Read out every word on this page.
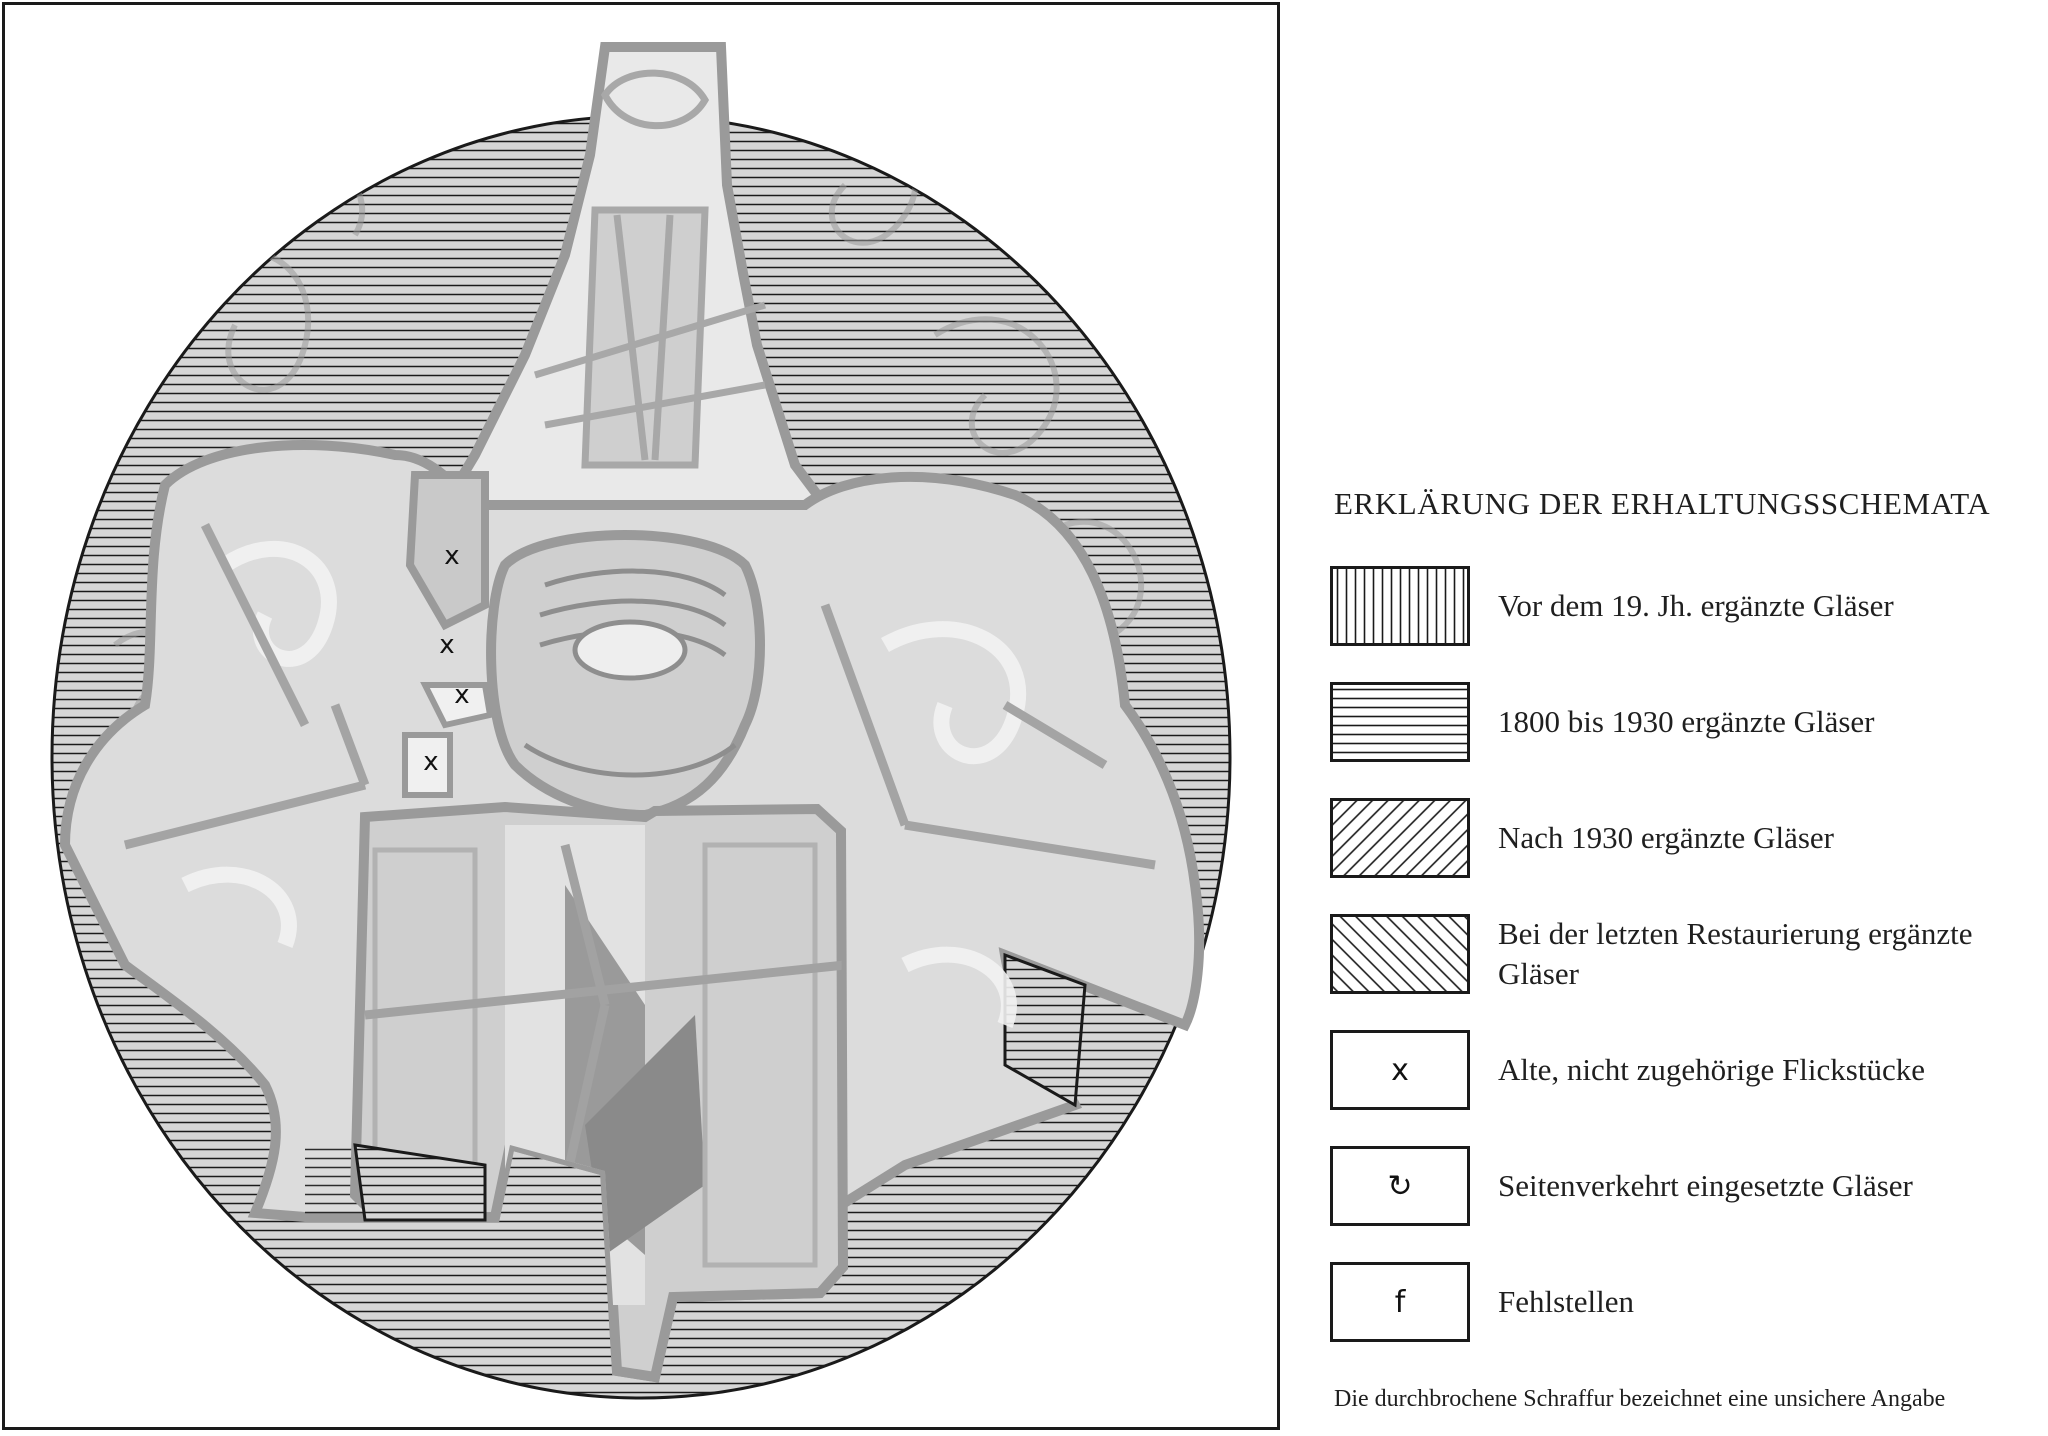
x
x
x
x
ERKLÄRUNG DER ERHALTUNGSSCHEMATA
Vor dem 19. Jh. ergänzte Gläser
1800 bis 1930 ergänzte Gläser
Nach 1930 ergänzte Gläser
Bei der letzten Restaurierung ergänzte Gläser
x	Alte, nicht zugehörige Flickstücke
↻	Seitenverkehrt eingesetzte Gläser
f	Fehlstellen
Die durchbrochene Schraffur bezeichnet eine unsichere Angabe
